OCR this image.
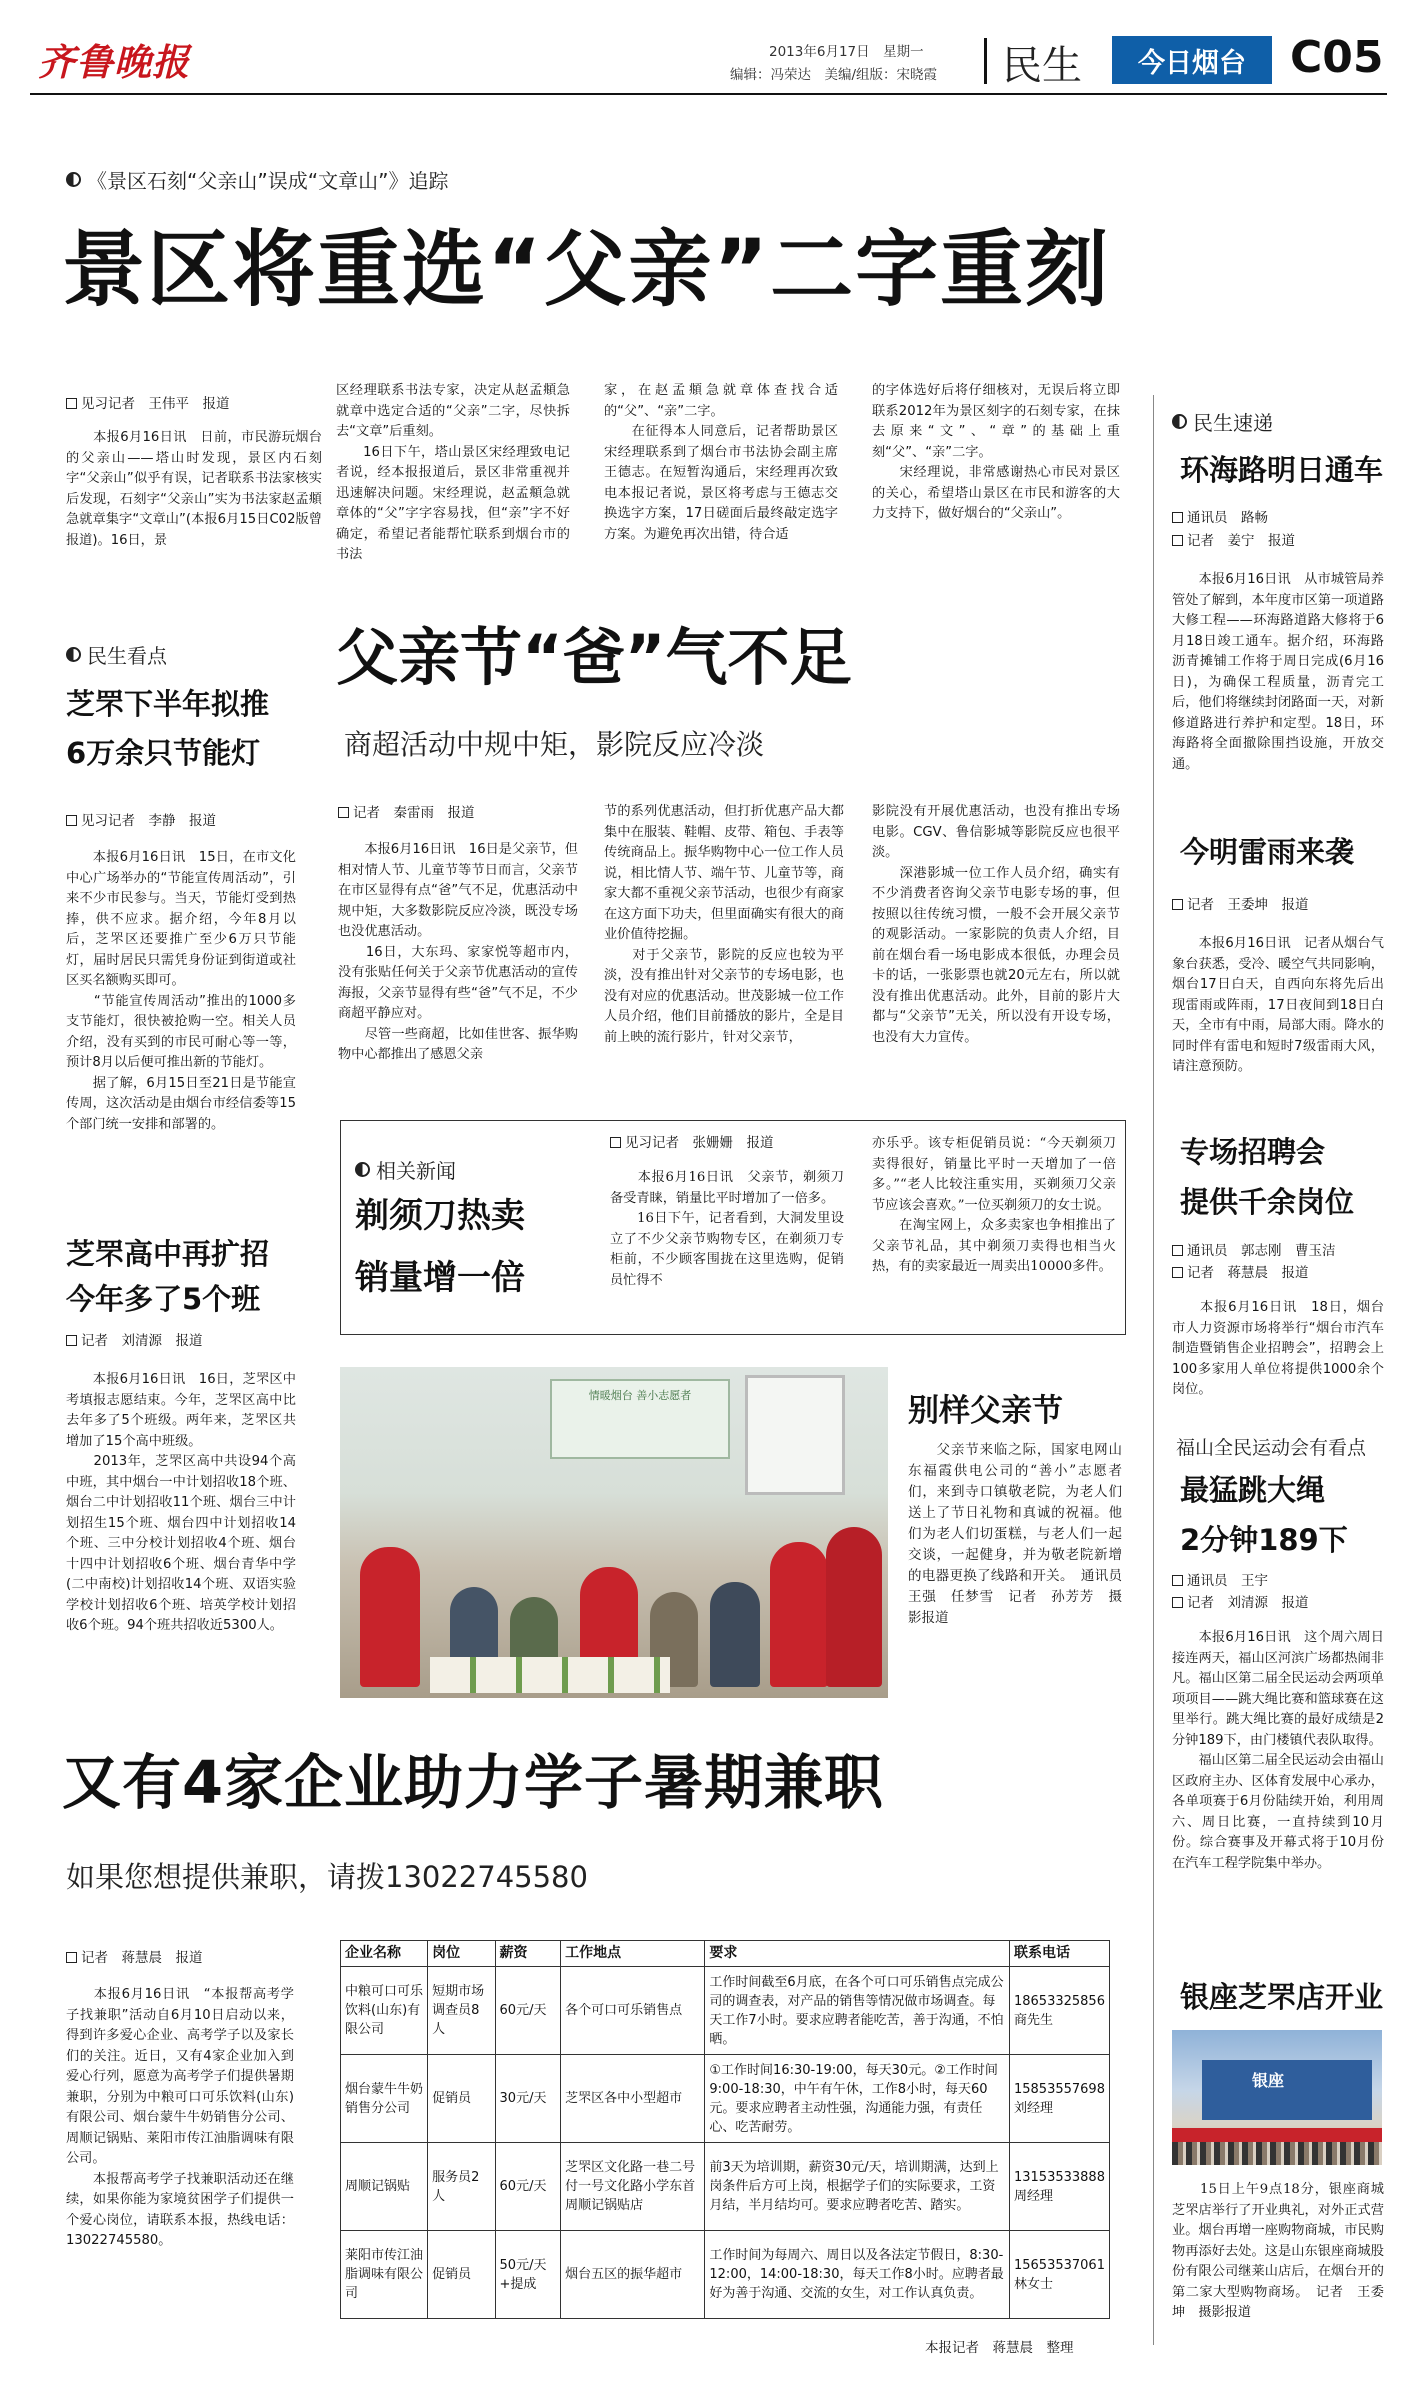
齐鲁晚报	2013年6月17日　星期一
编辑：冯荣达　美编/组版：宋晓霞 民生	今日烟台	C05
《景区石刻“父亲山”误成“文章山”》追踪
景区将重选“父亲”二字重刻
见习记者　王伟平　报道
　　本报6月16日讯　日前，市民游玩烟台的父亲山——塔山时发现，景区内石刻字“父亲山”似乎有误，记者联系书法家核实后发现，石刻字“父亲山”实为书法家赵孟頫急就章集字“文章山”(本报6月15日C02版曾报道)。16日，景
区经理联系书法专家，决定从赵孟頫急就章中选定合适的“父亲”二字，尽快拆去“文章”后重刻。
　　16日下午，塔山景区宋经理致电记者说，经本报报道后，景区非常重视并迅速解决问题。宋经理说，赵孟頫急就章体的“父”字字容易找，但“亲”字不好确定，希望记者能帮忙联系到烟台市的书法
家，在赵孟頫急就章体查找合适的“父”、“亲”二字。
　　在征得本人同意后，记者帮助景区宋经理联系到了烟台市书法协会副主席王德志。在短暂沟通后，宋经理再次致电本报记者说，景区将考虑与王德志交换选字方案，17日磋面后最终敲定选字方案。为避免再次出错，待合适
的字体选好后将仔细核对，无误后将立即联系2012年为景区刻字的石刻专家，在抹去原来“文”、“章”的基础上重刻“父”、“亲”二字。
　　宋经理说，非常感谢热心市民对景区的关心，希望塔山景区在市民和游客的大力支持下，做好烟台的“父亲山”。
民生看点
芝罘下半年拟推
6万余只节能灯
见习记者　李静　报道
　　本报6月16日讯　15日，在市文化中心广场举办的“节能宣传周活动”，引来不少市民参与。当天，节能灯受到热捧，供不应求。据介绍，今年8月以后，芝罘区还要推广至少6万只节能灯，届时居民只需凭身份证到街道或社区买名额购买即可。
　　“节能宣传周活动”推出的1000多支节能灯，很快被抢购一空。相关人员介绍，没有买到的市民可耐心等一等，预计8月以后便可推出新的节能灯。
　　据了解，6月15日至21日是节能宣传周，这次活动是由烟台市经信委等15个部门统一安排和部署的。
父亲节“爸”气不足
商超活动中规中矩，影院反应冷淡
记者　秦雷雨　报道
　　本报6月16日讯　16日是父亲节，但相对情人节、儿童节等节日而言，父亲节在市区显得有点“爸”气不足，优惠活动中规中矩，大多数影院反应冷淡，既没专场也没优惠活动。
　　16日，大东玛、家家悦等超市内，没有张贴任何关于父亲节优惠活动的宣传海报，父亲节显得有些“爸”气不足，不少商超平静应对。
　　尽管一些商超，比如佳世客、振华购物中心都推出了感恩父亲
节的系列优惠活动，但打折优惠产品大都集中在服装、鞋帽、皮带、箱包、手表等传统商品上。振华购物中心一位工作人员说，相比情人节、端午节、儿童节等，商家大都不重视父亲节活动，也很少有商家在这方面下功夫，但里面确实有很大的商业价值待挖掘。
　　对于父亲节，影院的反应也较为平淡，没有推出针对父亲节的专场电影，也没有对应的优惠活动。世茂影城一位工作人员介绍，他们目前播放的影片，全是目前上映的流行影片，针对父亲节，
影院没有开展优惠活动，也没有推出专场电影。CGV、鲁信影城等影院反应也很平淡。
　　深港影城一位工作人员介绍，确实有不少消费者咨询父亲节电影专场的事，但按照以往传统习惯，一般不会开展父亲节的观影活动。一家影院的负责人介绍，目前在烟台看一场电影成本很低，办理会员卡的话，一张影票也就20元左右，所以就没有推出优惠活动。此外，目前的影片大都与“父亲节”无关，所以没有开设专场，也没有大力宣传。
相关新闻
剃须刀热卖
销量增一倍
见习记者　张姗姗　报道
　　本报6月16日讯　父亲节，剃须刀备受青睐，销量比平时增加了一倍多。
　　16日下午，记者看到，大洞发里设立了不少父亲节购物专区，在剃须刀专柜前，不少顾客围拢在这里选购，促销员忙得不
亦乐乎。该专柜促销员说：“今天剃须刀卖得很好，销量比平时一天增加了一倍多。”“老人比较注重实用，买剃须刀父亲节应该会喜欢。”一位买剃须刀的女士说。
　　在淘宝网上，众多卖家也争相推出了父亲节礼品，其中剃须刀卖得也相当火热，有的卖家最近一周卖出10000多件。
情暖烟台 善小志愿者	别样父亲节
　　父亲节来临之际，国家电网山东福霞供电公司的“善小”志愿者们，来到寺口镇敬老院，为老人们送上了节日礼物和真诚的祝福。他们为老人们切蛋糕，与老人们一起交谈，一起健身，并为敬老院新增的电器更换了线路和开关。　通讯员　王强　任梦雪　记者　孙芳芳　摄影报道
芝罘高中再扩招
今年多了5个班
记者　刘清源　报道
　　本报6月16日讯　16日，芝罘区中考填报志愿结束。今年，芝罘区高中比去年多了5个班级。两年来，芝罘区共增加了15个高中班级。
　　2013年，芝罘区高中共设94个高中班，其中烟台一中计划招收18个班、烟台二中计划招收11个班、烟台三中计划招生15个班、烟台四中计划招收14个班、三中分校计划招收4个班、烟台十四中计划招收6个班、烟台青华中学(二中南校)计划招收14个班、双语实验学校计划招收6个班、培英学校计划招收6个班。94个班共招收近5300人。
又有4家企业助力学子暑期兼职
如果您想提供兼职，请拨13022745580
记者　蒋慧晨　报道
　　本报6月16日讯　“本报帮高考学子找兼职”活动自6月10日启动以来，得到许多爱心企业、高考学子以及家长们的关注。近日，又有4家企业加入到爱心行列，愿意为高考学子们提供暑期兼职，分别为中粮可口可乐饮料(山东)有限公司、烟台蒙牛牛奶销售分公司、周顺记锅贴、莱阳市传江油脂调味有限公司。
　　本报帮高考学子找兼职活动还在继续，如果你能为家境贫困学子们提供一个爱心岗位，请联系本报，热线电话：13022745580。
企业名称	岗位	薪资	工作地点	要求	联系电话
中粮可口可乐饮料(山东)有限公司	短期市场调查员8人	60元/天	各个可口可乐销售点	工作时间截至6月底，在各个可口可乐销售点完成公司的调查表，对产品的销售等情况做市场调查。每天工作7小时。要求应聘者能吃苦，善于沟通，不怕晒。	18653325856 商先生
烟台蒙牛牛奶销售分公司	促销员	30元/天	芝罘区各中小型超市	①工作时间16:30-19:00，每天30元。②工作时间9:00-18:30，中午有午休，工作8小时，每天60元。要求应聘者主动性强，沟通能力强，有责任心、吃苦耐劳。	15853557698 刘经理
周顺记锅贴	服务员2人	60元/天	芝罘区文化路一巷二号付一号文化路小学东首周顺记锅贴店	前3天为培训期，薪资30元/天，培训期满，达到上岗条件后方可上岗，根据学子们的实际要求，工资月结，半月结均可。要求应聘者吃苦、踏实。	13153533888 周经理
莱阳市传江油脂调味有限公司	促销员	50元/天+提成	烟台五区的振华超市	工作时间为每周六、周日以及各法定节假日，8:30-12:00，14:00-18:30，每天工作8小时。应聘者最好为善于沟通、交流的女生，对工作认真负责。	15653537061 林女士
本报记者　蒋慧晨　整理
民生速递
环海路明日通车
通讯员　路畅
记者　姜宁　报道
　　本报6月16日讯　从市城管局养管处了解到，本年度市区第一项道路大修工程——环海路道路大修将于6月18日竣工通车。据介绍，环海路沥青摊铺工作将于周日完成(6月16日)，为确保工程质量，沥青完工后，他们将继续封闭路面一天，对新修道路进行养护和定型。18日，环海路将全面撤除围挡设施，开放交通。
今明雷雨来袭
记者　王委坤　报道
　　本报6月16日讯　记者从烟台气象台获悉，受冷、暖空气共同影响，烟台17日白天，自西向东将先后出现雷雨或阵雨，17日夜间到18日白天，全市有中雨，局部大雨。降水的同时伴有雷电和短时7级雷雨大风，请注意预防。
专场招聘会
提供千余岗位
通讯员　郭志刚　曹玉洁
记者　蒋慧晨　报道
　　本报6月16日讯　18日，烟台市人力资源市场将举行“烟台市汽车制造暨销售企业招聘会”，招聘会上100多家用人单位将提供1000余个岗位。
福山全民运动会有看点
最猛跳大绳
2分钟189下
通讯员　王宇
记者　刘清源　报道
　　本报6月16日讯　这个周六周日接连两天，福山区河滨广场都热闹非凡。福山区第二届全民运动会两项单项项目——跳大绳比赛和篮球赛在这里举行。跳大绳比赛的最好成绩是2分钟189下，由门楼镇代表队取得。
　　福山区第二届全民运动会由福山区政府主办、区体育发展中心承办，各单项赛于6月份陆续开始，利用周六、周日比赛，一直持续到10月份。综合赛事及开幕式将于10月份在汽车工程学院集中举办。
银座芝罘店开业
银座
　　15日上午9点18分，银座商城芝罘店举行了开业典礼，对外正式营业。烟台再增一座购物商城，市民购物再添好去处。这是山东银座商城股份有限公司继莱山店后，在烟台开的第二家大型购物商场。　记者　王委坤　摄影报道
